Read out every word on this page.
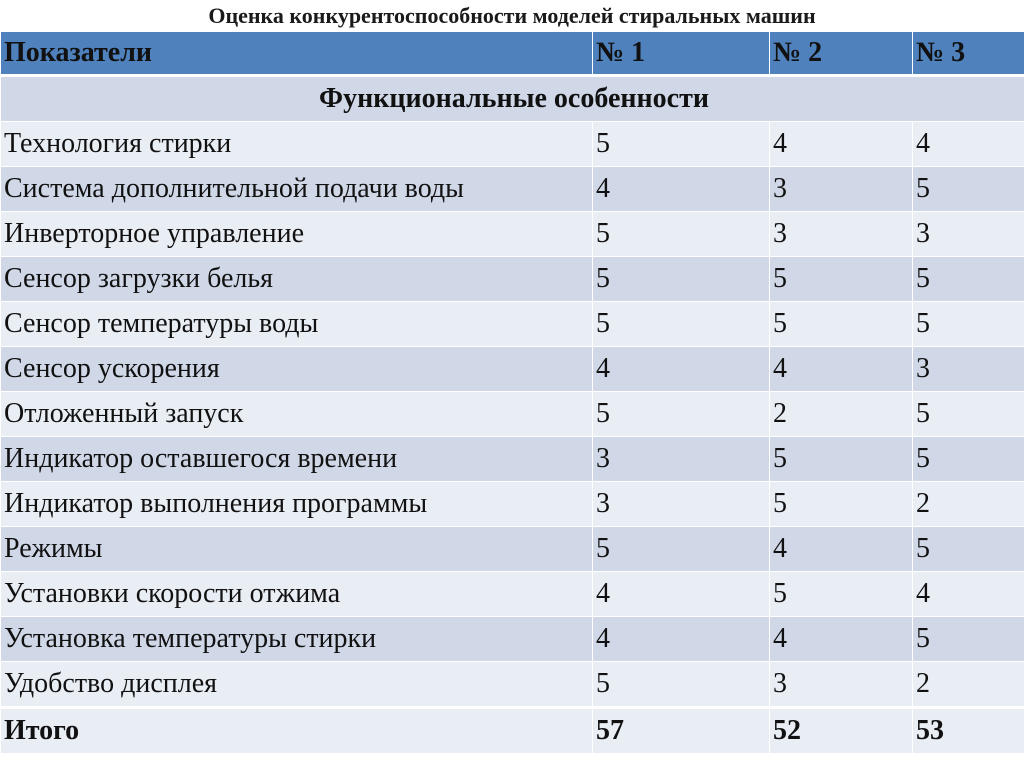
Оценка конкурентоспособности моделей стиральных машин
Показатели	№ 1	№ 2	№ 3
Функциональные особенности			
Технология стирки	5	4	4
Система дополнительной подачи воды	4	3	5
Инверторное управление	5	3	3
Сенсор загрузки белья	5	5	5
Сенсор температуры воды	5	5	5
Сенсор ускорения	4	4	3
Отложенный запуск	5	2	5
Индикатор оставшегося времени	3	5	5
Индикатор выполнения программы	3	5	2
Режимы	5	4	5
Установки скорости отжима	4	5	4
Установка температуры стирки	4	4	5
Удобство дисплея	5	3	2
Итого	57	52	53
